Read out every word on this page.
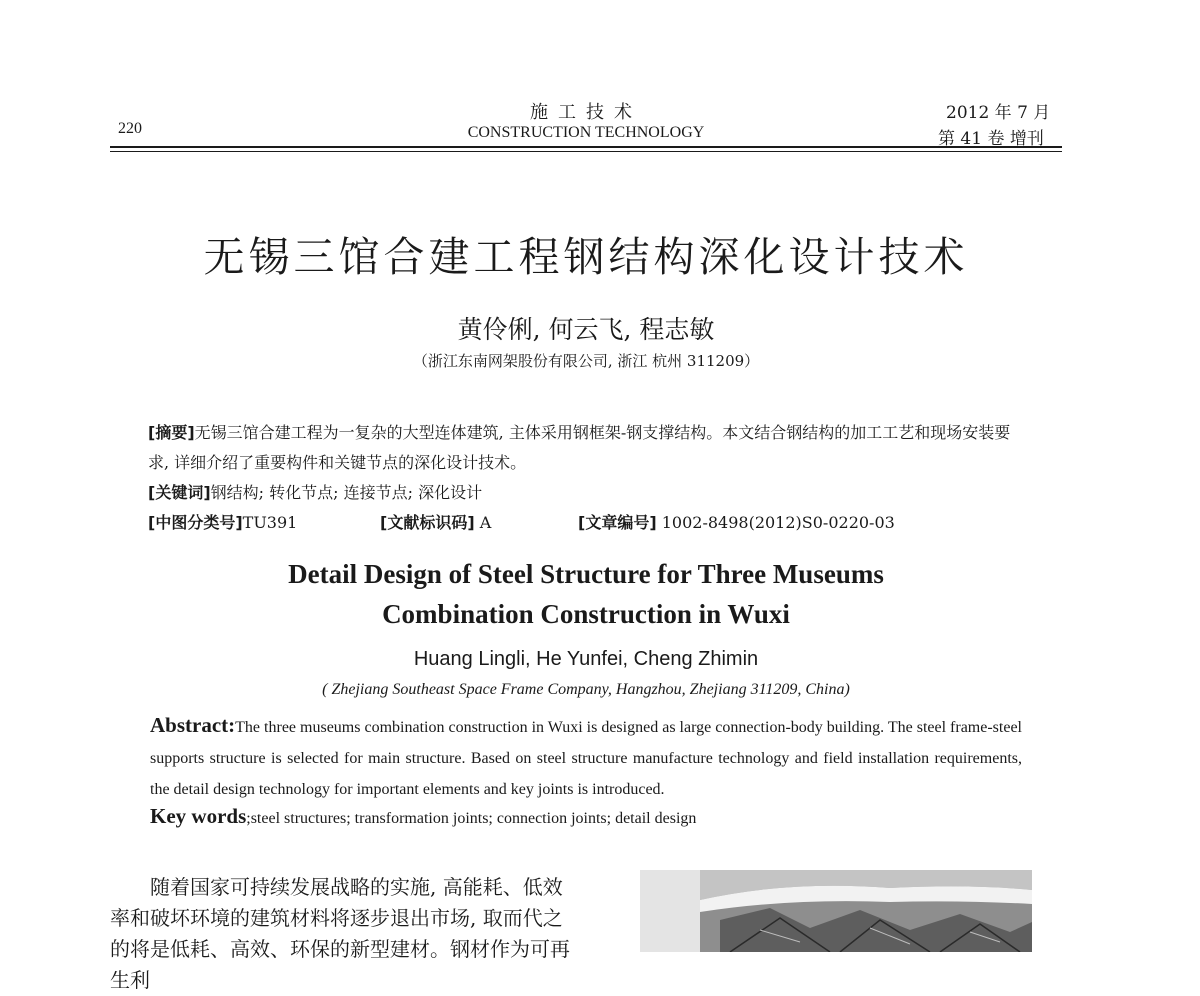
220
施工技术
CONSTRUCTION TECHNOLOGY
2012 年 7 月
第 41 卷 增刊
无锡三馆合建工程钢结构深化设计技术
黄伶俐, 何云飞, 程志敏
（浙江东南网架股份有限公司, 浙江 杭州 311209）
[摘要]无锡三馆合建工程为一复杂的大型连体建筑, 主体采用钢框架-钢支撑结构。本文结合钢结构的加工工艺和现场安装要求, 详细介绍了重要构件和关键节点的深化设计技术。
[关键词]钢结构; 转化节点; 连接节点; 深化设计
[中图分类号]TU391	[文献标识码] A	[文章编号] 1002-8498(2012)S0-0220-03
Detail Design of Steel Structure for Three Museums
Combination Construction in Wuxi
Huang Lingli, He Yunfei, Cheng Zhimin
( Zhejiang Southeast Space Frame Company, Hangzhou, Zhejiang 311209, China)
Abstract:The three museums combination construction in Wuxi is designed as large connection-body building. The steel frame-steel supports structure is selected for main structure. Based on steel structure manufacture technology and field installation requirements, the detail design technology for important elements and key joints is introduced.
Key words;steel structures; transformation joints; connection joints; detail design

随着国家可持续发展战略的实施, 高能耗、低效率和破坏环境的建筑材料将逐步退出市场, 取而代之的将是低耗、高效、环保的新型建材。钢材作为可再生利
